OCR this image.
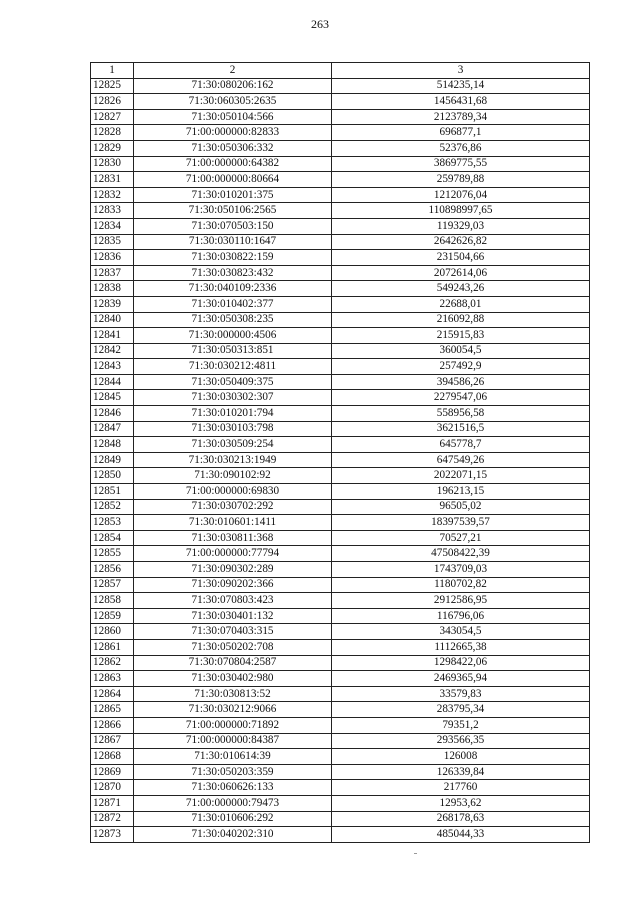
263
1	2	3
12825	71:30:080206:162	514235,14
12826	71:30:060305:2635	1456431,68
12827	71:30:050104:566	2123789,34
12828	71:00:000000:82833	696877,1
12829	71:30:050306:332	52376,86
12830	71:00:000000:64382	3869775,55
12831	71:00:000000:80664	259789,88
12832	71:30:010201:375	1212076,04
12833	71:30:050106:2565	110898997,65
12834	71:30:070503:150	119329,03
12835	71:30:030110:1647	2642626,82
12836	71:30:030822:159	231504,66
12837	71:30:030823:432	2072614,06
12838	71:30:040109:2336	549243,26
12839	71:30:010402:377	22688,01
12840	71:30:050308:235	216092,88
12841	71:30:000000:4506	215915,83
12842	71:30:050313:851	360054,5
12843	71:30:030212:4811	257492,9
12844	71:30:050409:375	394586,26
12845	71:30:030302:307	2279547,06
12846	71:30:010201:794	558956,58
12847	71:30:030103:798	3621516,5
12848	71:30:030509:254	645778,7
12849	71:30:030213:1949	647549,26
12850	71:30:090102:92	2022071,15
12851	71:00:000000:69830	196213,15
12852	71:30:030702:292	96505,02
12853	71:30:010601:1411	18397539,57
12854	71:30:030811:368	70527,21
12855	71:00:000000:77794	47508422,39
12856	71:30:090302:289	1743709,03
12857	71:30:090202:366	1180702,82
12858	71:30:070803:423	2912586,95
12859	71:30:030401:132	116796,06
12860	71:30:070403:315	343054,5
12861	71:30:050202:708	1112665,38
12862	71:30:070804:2587	1298422,06
12863	71:30:030402:980	2469365,94
12864	71:30:030813:52	33579,83
12865	71:30:030212:9066	283795,34
12866	71:00:000000:71892	79351,2
12867	71:00:000000:84387	293566,35
12868	71:30:010614:39	126008
12869	71:30:050203:359	126339,84
12870	71:30:060626:133	217760
12871	71:00:000000:79473	12953,62
12872	71:30:010606:292	268178,63
12873	71:30:040202:310	485044,33
